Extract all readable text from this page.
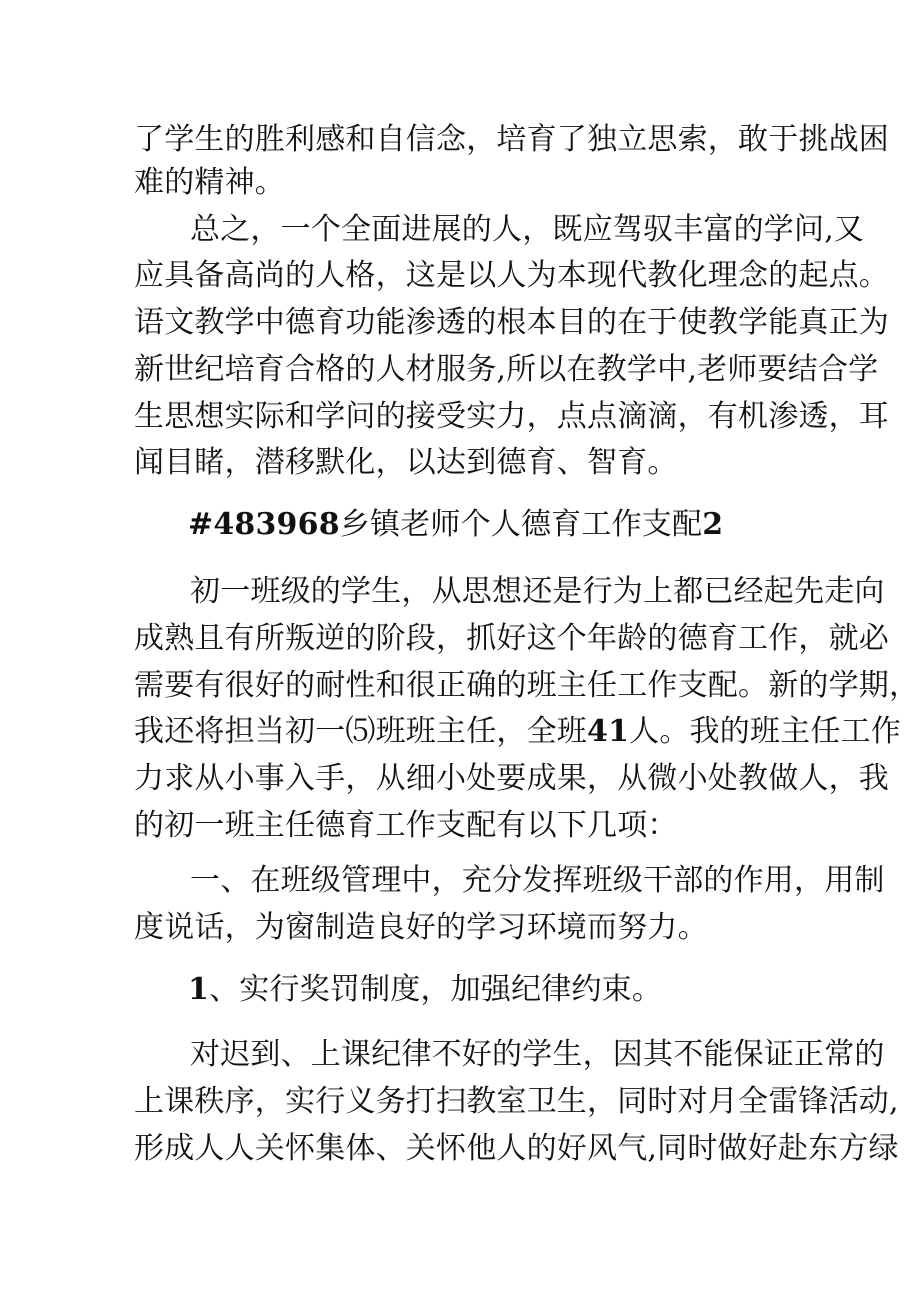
了学生的胜利感和自信念，培育了独立思索，敢于挑战困
难的精神。
总之，一个全面进展的人，既应驾驭丰富的学问,又
应具备高尚的人格，这是以人为本现代教化理念的起点。
语文教学中德育功能渗透的根本目的在于使教学能真正为
新世纪培育合格的人材服务,所以在教学中,老师要结合学
生思想实际和学问的接受实力，点点滴滴，有机渗透，耳
闻目睹，潜移默化，以达到德育、智育。
#483968乡镇老师个人德育工作支配2
初一班级的学生，从思想还是行为上都已经起先走向
成熟且有所叛逆的阶段，抓好这个年龄的德育工作，就必
需要有很好的耐性和很正确的班主任工作支配。新的学期，
我还将担当初一⑸班班主任，全班41人。我的班主任工作
力求从小事入手，从细小处要成果，从微小处教做人，我
的初一班主任德育工作支配有以下几项：
一、在班级管理中，充分发挥班级干部的作用，用制
度说话，为窗制造良好的学习环境而努力。
1、实行奖罚制度，加强纪律约束。
对迟到、上课纪律不好的学生，因其不能保证正常的
上课秩序，实行义务打扫教室卫生，同时对月全雷锋活动,
形成人人关怀集体、关怀他人的好风气,同时做好赴东方绿
